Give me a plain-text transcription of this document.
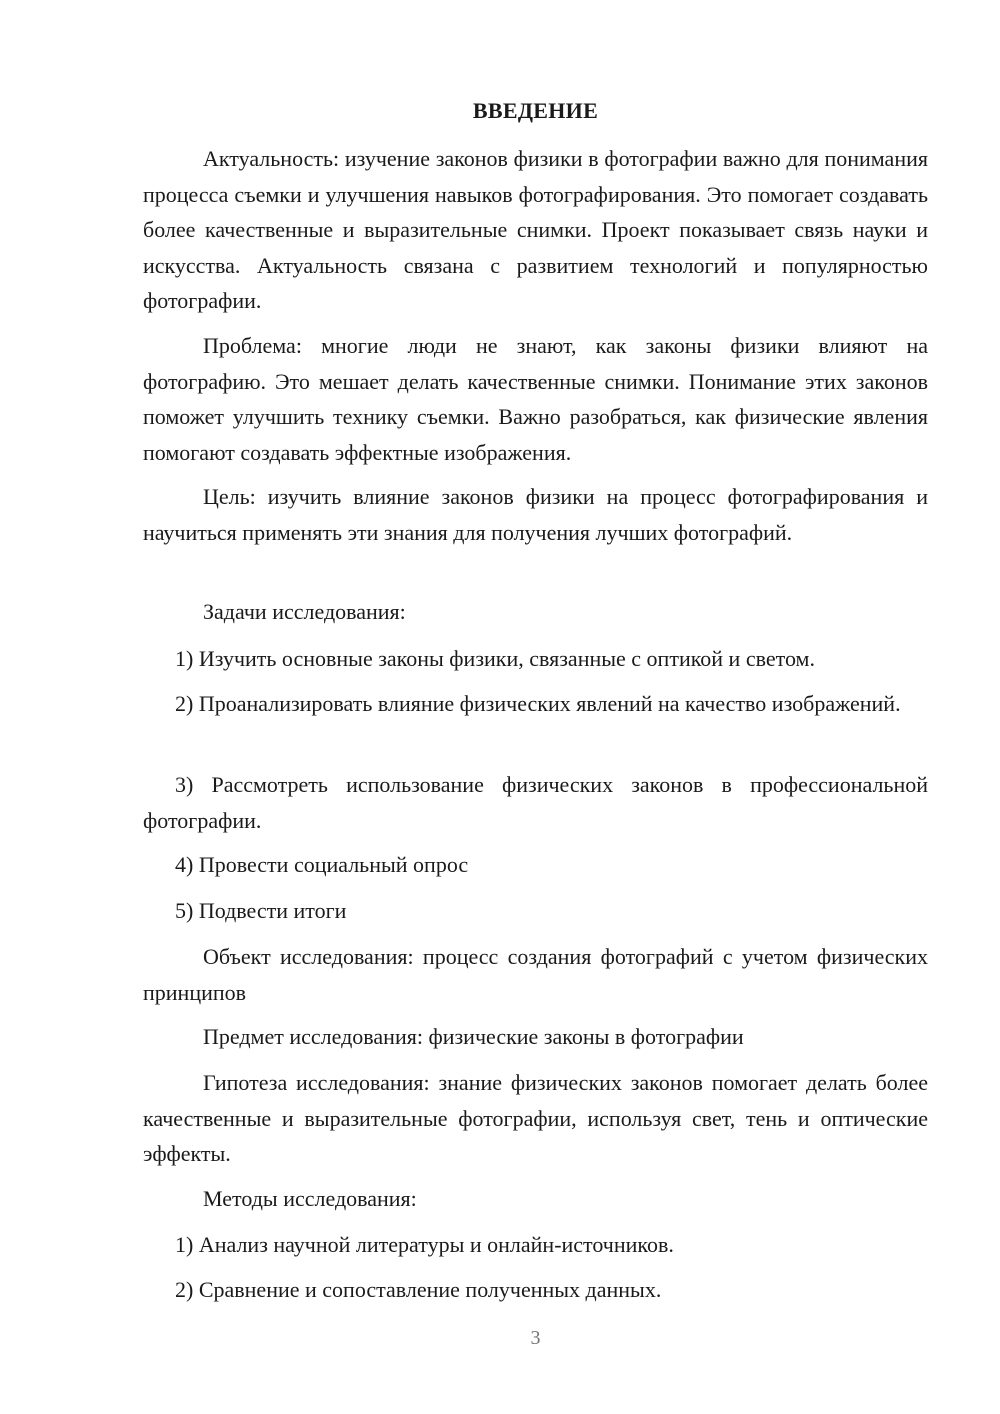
ВВЕДЕНИЕ

Актуальность: изучение законов физики в фотографии важно для понимания процесса съемки и улучшения навыков фотографирования. Это помогает создавать более качественные и выразительные снимки. Проект показывает связь науки и искусства. Актуальность связана с развитием технологий и популярностью фотографии.

Проблема: многие люди не знают, как законы физики влияют на фотографию. Это мешает делать качественные снимки. Понимание этих законов поможет улучшить технику съемки. Важно разобраться, как физические явления помогают создавать эффектные изображения.

Цель: изучить влияние законов физики на процесс фотографирования и научиться применять эти знания для получения лучших фотографий.

Задачи исследования:

1) Изучить основные законы физики, связанные с оптикой и светом.

2) Проанализировать влияние физических явлений на качество изображений.

3) Рассмотреть использование физических законов в профессиональной фотографии.

4) Провести социальный опрос

5) Подвести итоги

Объект исследования: процесс создания фотографий с учетом физических принципов

Предмет исследования: физические законы в фотографии

Гипотеза исследования: знание физических законов помогает делать более качественные и выразительные фотографии, используя свет, тень и оптические эффекты.

Методы исследования:

1) Анализ научной литературы и онлайн-источников.

2) Сравнение и сопоставление полученных данных.

3
